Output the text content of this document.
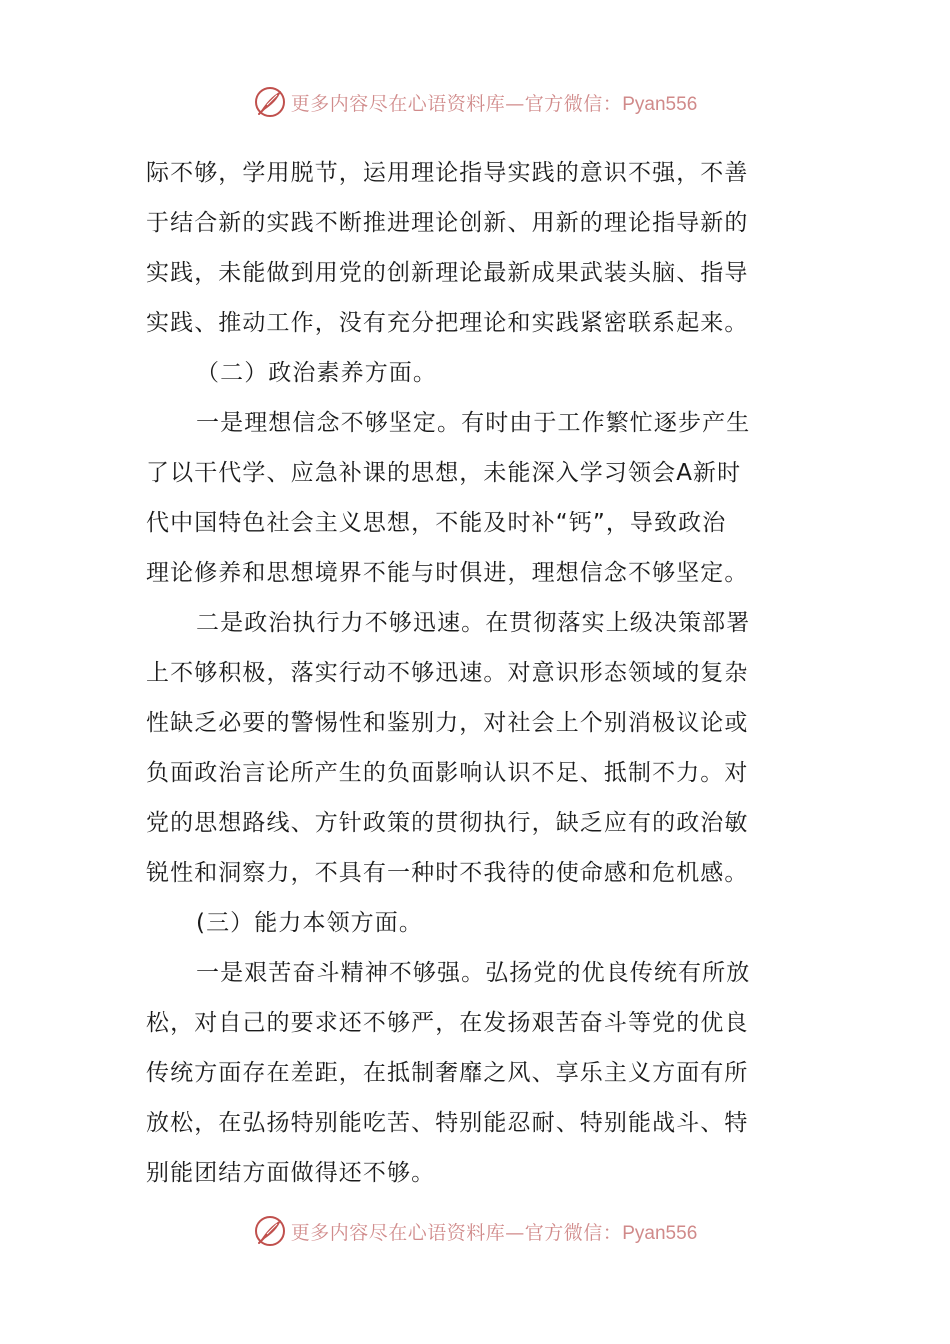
更多内容尽在心语资料库—官方微信：Pyan556
际不够，学用脱节，运用理论指导实践的意识不强，不善
于结合新的实践不断推进理论创新、用新的理论指导新的
实践，未能做到用党的创新理论最新成果武装头脑、指导
实践、推动工作，没有充分把理论和实践紧密联系起来。
（二）政治素养方面。
一是理想信念不够坚定。有时由于工作繁忙逐步产生
了以干代学、应急补课的思想，未能深入学习领会A新时
代中国特色社会主义思想，不能及时补“钙”，导致政治
理论修养和思想境界不能与时俱进，理想信念不够坚定。
二是政治执行力不够迅速。在贯彻落实上级决策部署
上不够积极，落实行动不够迅速。对意识形态领域的复杂
性缺乏必要的警惕性和鉴别力，对社会上个别消极议论或
负面政治言论所产生的负面影响认识不足、抵制不力。对
党的思想路线、方针政策的贯彻执行，缺乏应有的政治敏
锐性和洞察力，不具有一种时不我待的使命感和危机感。
(三）能力本领方面。
一是艰苦奋斗精神不够强。弘扬党的优良传统有所放
松，对自己的要求还不够严，在发扬艰苦奋斗等党的优良
传统方面存在差距，在抵制奢靡之风、享乐主义方面有所
放松，在弘扬特别能吃苦、特别能忍耐、特别能战斗、特
别能团结方面做得还不够。
更多内容尽在心语资料库—官方微信：Pyan556
